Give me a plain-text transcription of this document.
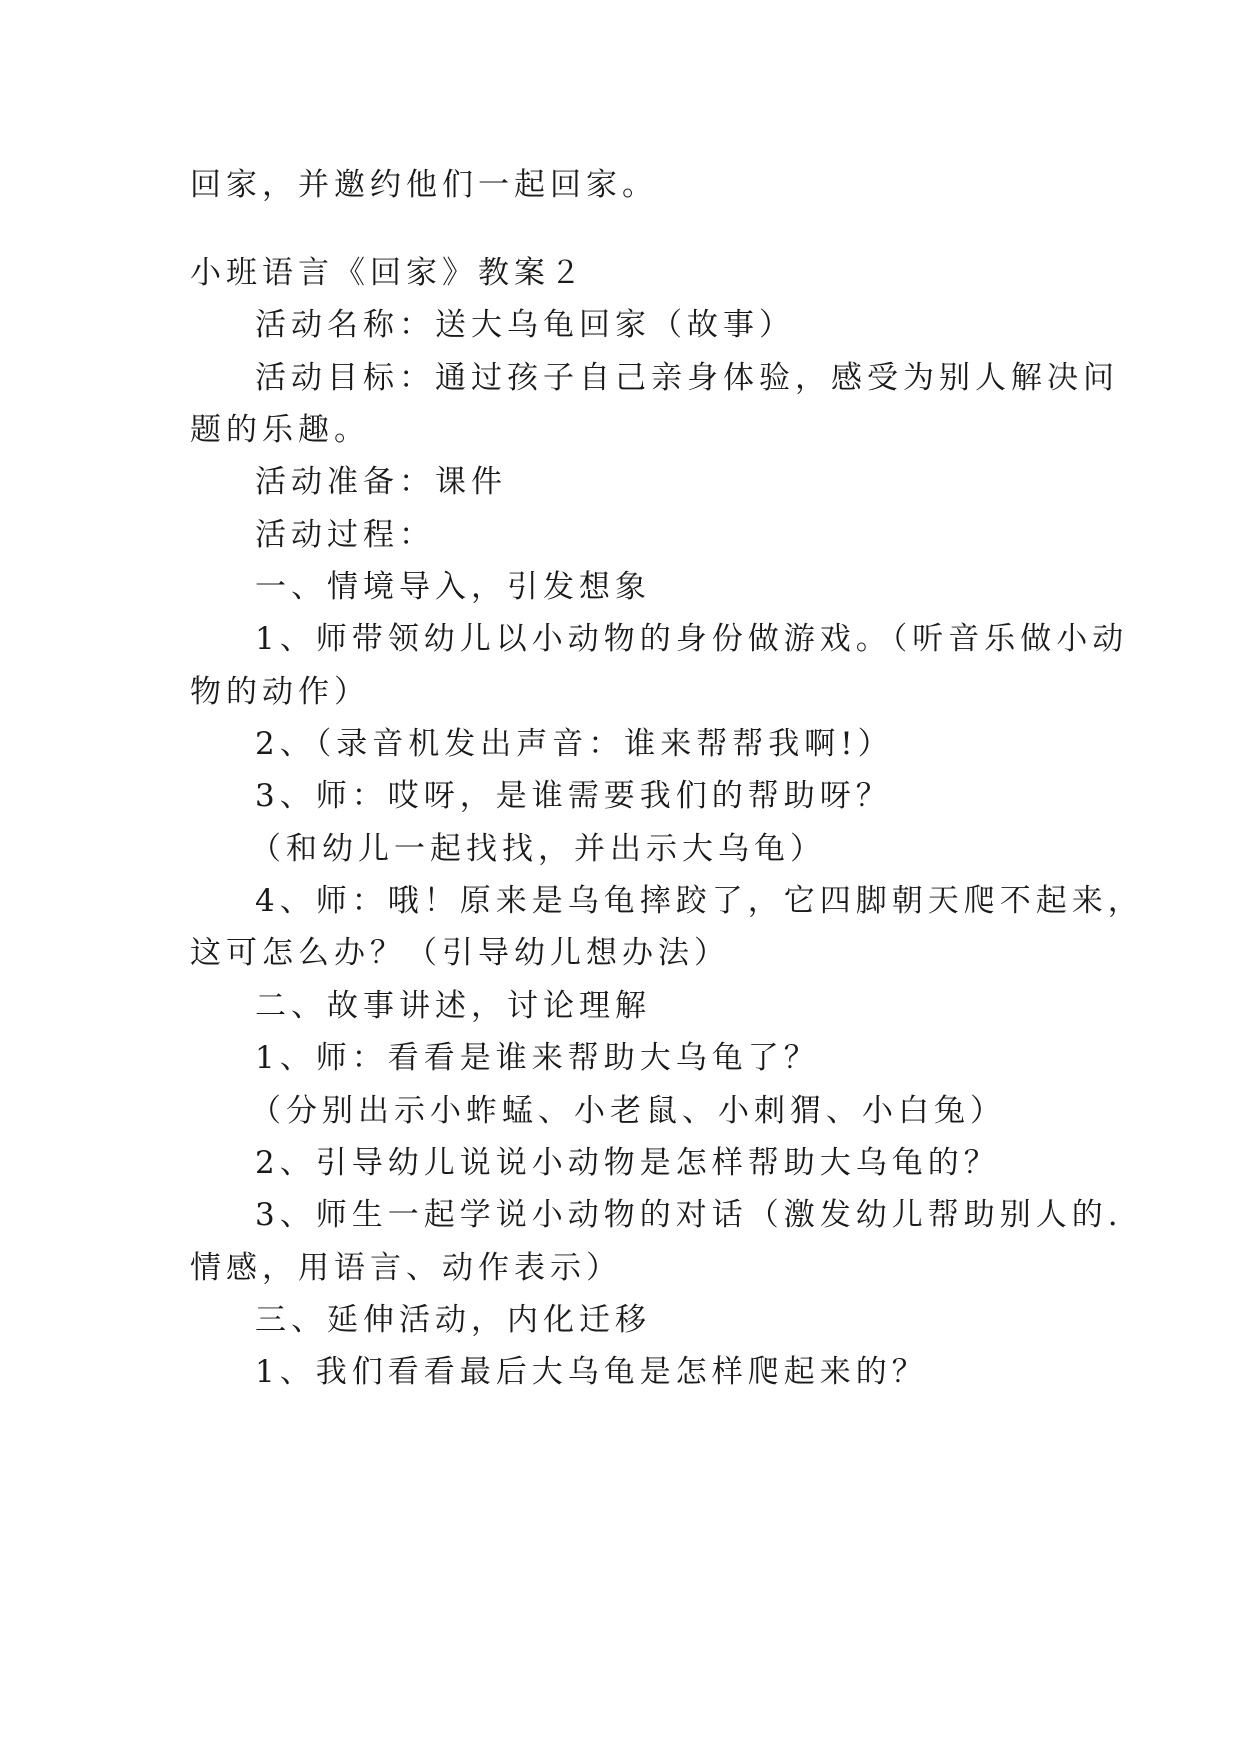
回家，并邀约他们一起回家。
小班语言《回家》教案２
活动名称：送大乌龟回家（故事）
活动目标：通过孩子自己亲身体验，感受为别人解决问
题的乐趣。
活动准备：课件
活动过程：
一、情境导入，引发想象
1、师带领幼儿以小动物的身份做游戏。（听音乐做小动
物的动作）
2、（录音机发出声音：谁来帮帮我啊!）
3、师：哎呀，是谁需要我们的帮助呀？
（和幼儿一起找找，并出示大乌龟）
4、师：哦！原来是乌龟摔跤了，它四脚朝天爬不起来，
这可怎么办？（引导幼儿想办法）
二、故事讲述，讨论理解
1、师：看看是谁来帮助大乌龟了？
（分别出示小蚱蜢、小老鼠、小刺猬、小白兔）
2、引导幼儿说说小动物是怎样帮助大乌龟的？
3、师生一起学说小动物的对话（激发幼儿帮助别人的.
情感，用语言、动作表示）
三、延伸活动，内化迁移
1、我们看看最后大乌龟是怎样爬起来的？
